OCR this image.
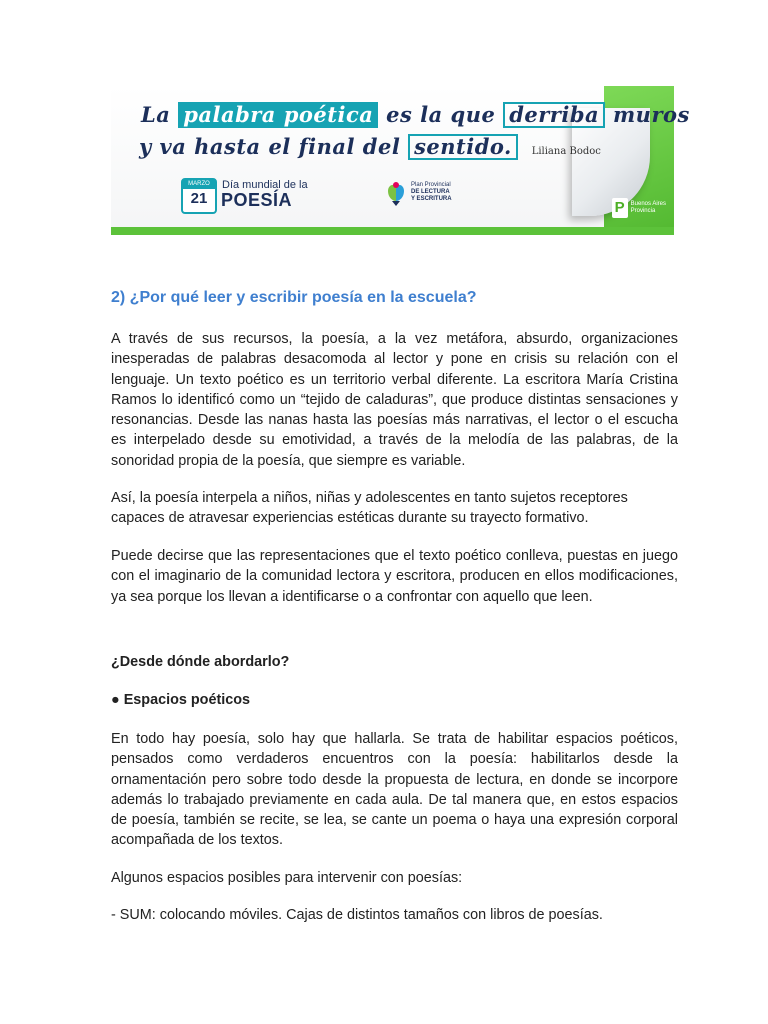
La palabra poética es la que derriba muros
y va hasta el final del sentido. Liliana Bodoc
MARZO
21
Día mundial de la
POESÍA
Plan Provincial
DE LECTURA
Y ESCRITURA	P	Buenos Aires
Provincia
2) ¿Por qué leer y escribir poesía en la escuela?
A través de sus recursos, la poesía, a la vez metáfora, absurdo, organizaciones inesperadas de palabras desacomoda al lector y pone en crisis su relación con el lenguaje. Un texto poético es un territorio verbal diferente. La escritora María Cristina Ramos lo identificó como un “tejido de caladuras”, que produce distintas sensaciones y resonancias. Desde las nanas hasta las poesías más narrativas, el lector o el escucha es interpelado desde su emotividad, a través de la melodía de las palabras, de la sonoridad propia de la poesía, que siempre es variable.
Así, la poesía interpela a niños, niñas y adolescentes en tanto sujetos receptores capaces de atravesar experiencias estéticas durante su trayecto formativo.
Puede decirse que las representaciones que el texto poético conlleva, puestas en juego con el imaginario de la comunidad lectora y escritora, producen en ellos modificaciones, ya sea porque los llevan a identificarse o a confrontar con aquello que leen.
¿Desde dónde abordarlo?
● Espacios poéticos
En todo hay poesía, solo hay que hallarla. Se trata de habilitar espacios poéticos, pensados como verdaderos encuentros con la poesía: habilitarlos desde la ornamentación pero sobre todo desde la propuesta de lectura, en donde se incorpore además lo trabajado previamente en cada aula. De tal manera que, en estos espacios de poesía, también se recite, se lea, se cante un poema o haya una expresión corporal acompañada de los textos.
Algunos espacios posibles para intervenir con poesías:
- SUM: colocando móviles. Cajas de distintos tamaños con libros de poesías.
